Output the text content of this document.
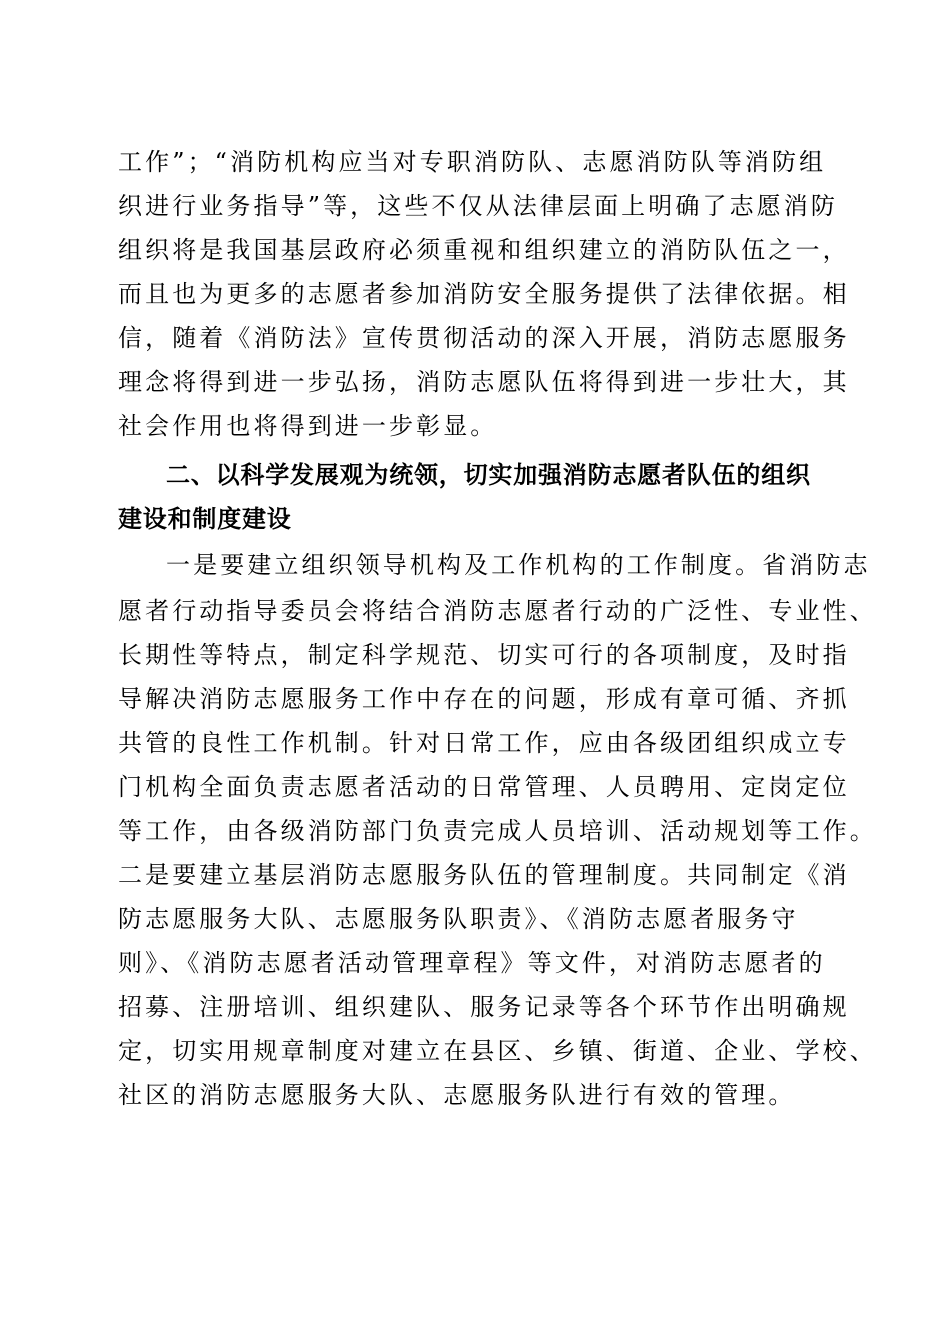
工作”；“消防机构应当对专职消防队、志愿消防队等消防组
织进行业务指导”等，这些不仅从法律层面上明确了志愿消防
组织将是我国基层政府必须重视和组织建立的消防队伍之一，
而且也为更多的志愿者参加消防安全服务提供了法律依据。相
信，随着《消防法》宣传贯彻活动的深入开展，消防志愿服务
理念将得到进一步弘扬，消防志愿队伍将得到进一步壮大，其
社会作用也将得到进一步彰显。
二、以科学发展观为统领，切实加强消防志愿者队伍的组织
建设和制度建设
一是要建立组织领导机构及工作机构的工作制度。省消防志
愿者行动指导委员会将结合消防志愿者行动的广泛性、专业性、
长期性等特点，制定科学规范、切实可行的各项制度，及时指
导解决消防志愿服务工作中存在的问题，形成有章可循、齐抓
共管的良性工作机制。针对日常工作，应由各级团组织成立专
门机构全面负责志愿者活动的日常管理、人员聘用、定岗定位
等工作，由各级消防部门负责完成人员培训、活动规划等工作。
二是要建立基层消防志愿服务队伍的管理制度。共同制定《消
防志愿服务大队、志愿服务队职责》、《消防志愿者服务守
则》、《消防志愿者活动管理章程》等文件，对消防志愿者的
招募、注册培训、组织建队、服务记录等各个环节作出明确规
定，切实用规章制度对建立在县区、乡镇、街道、企业、学校、
社区的消防志愿服务大队、志愿服务队进行有效的管理。
